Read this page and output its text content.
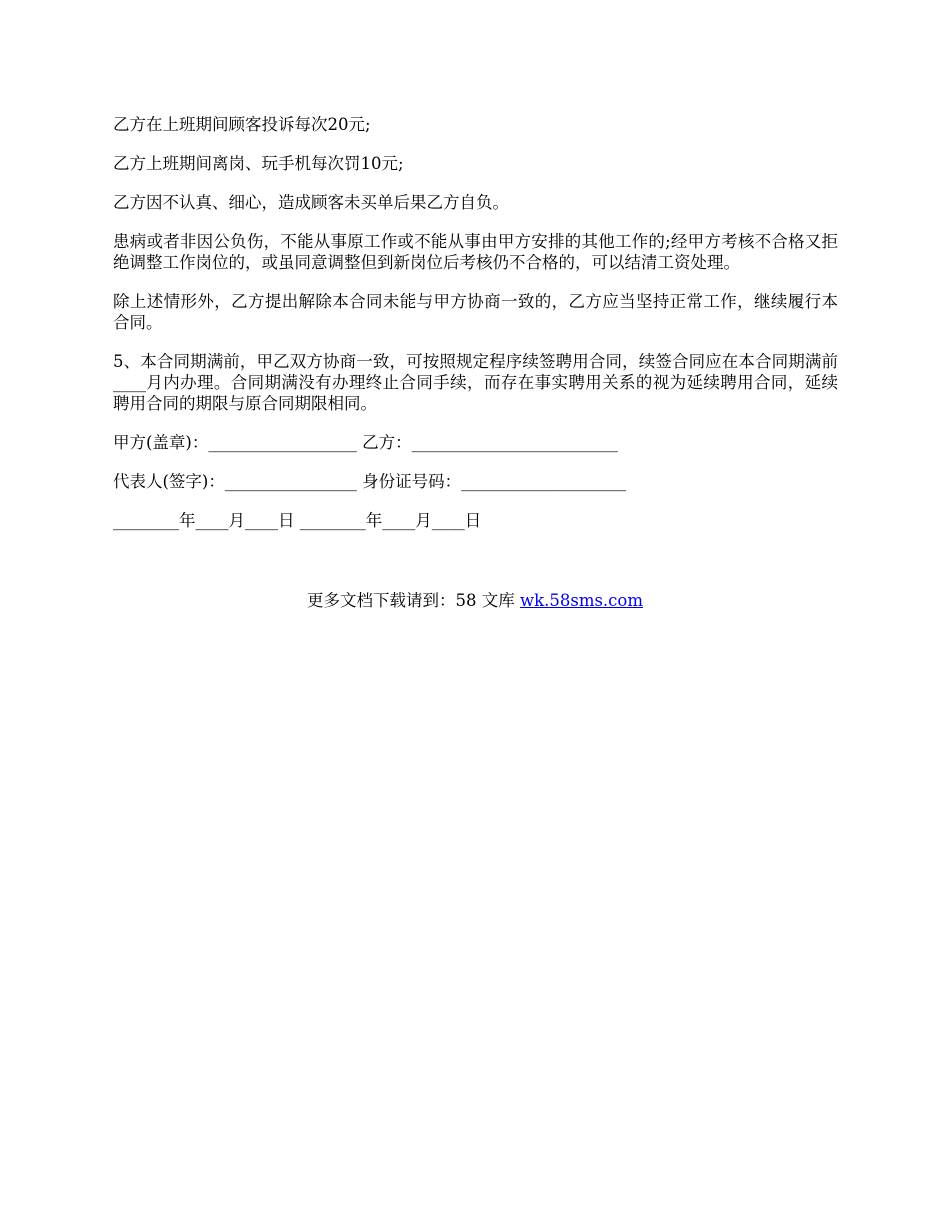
乙方在上班期间顾客投诉每次20元;

乙方上班期间离岗、玩手机每次罚10元;

乙方因不认真、细心，造成顾客未买单后果乙方自负。

患病或者非因公负伤，不能从事原工作或不能从事由甲方安排的其他工作的;经甲方考核不合格又拒绝调整工作岗位的，或虽同意调整但到新岗位后考核仍不合格的，可以结清工资处理。

除上述情形外，乙方提出解除本合同未能与甲方协商一致的，乙方应当坚持正常工作，继续履行本合同。

5、本合同期满前，甲乙双方协商一致，可按照规定程序续签聘用合同，续签合同应在本合同期满前____月内办理。合同期满没有办理终止合同手续，而存在事实聘用关系的视为延续聘用合同，延续聘用合同的期限与原合同期限相同。

甲方(盖章)：__________________ 乙方：_________________________

代表人(签字)：________________ 身份证号码：____________________

________年____月____日 ________年____月____日

更多文档下载请到：58 文库 wk.58sms.com
